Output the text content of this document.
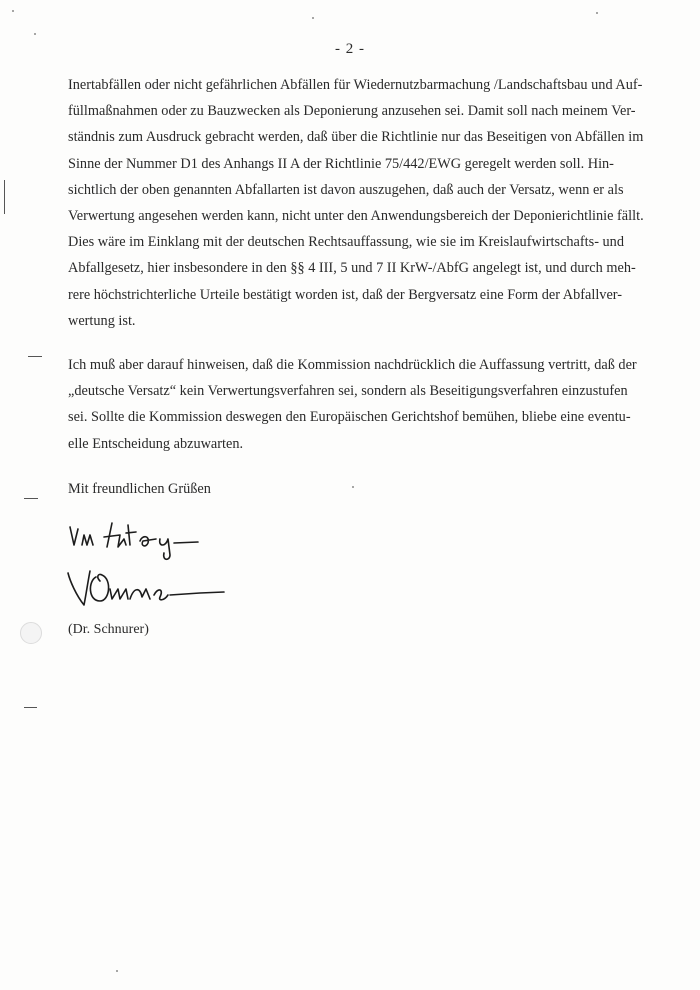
- 2 -
Inertabfällen oder nicht gefährlichen Abfällen für Wiedernutzbarmachung /Landschaftsbau und Auf-
füllmaßnahmen oder zu Bauzwecken als Deponierung anzusehen sei. Damit soll nach meinem Ver-
ständnis zum Ausdruck gebracht werden, daß über die Richtlinie nur das Beseitigen von Abfällen im
Sinne der Nummer D1 des Anhangs II A der Richtlinie 75/442/EWG geregelt werden soll. Hin-
sichtlich der oben genannten Abfallarten ist davon auszugehen, daß auch der Versatz, wenn er als
Verwertung angesehen werden kann, nicht unter den Anwendungsbereich der Deponierichtlinie fällt.
Dies wäre im Einklang mit der deutschen Rechtsauffassung, wie sie im Kreislaufwirtschafts- und
Abfallgesetz, hier insbesondere in den §§ 4 III, 5 und 7 II KrW-/AbfG angelegt ist, und durch meh-
rere höchstrichterliche Urteile bestätigt worden ist, daß der Bergversatz eine Form der Abfallver-
wertung ist.
Ich muß aber darauf hinweisen, daß die Kommission nachdrücklich die Auffassung vertritt, daß der
„deutsche Versatz“ kein Verwertungsverfahren sei, sondern als Beseitigungsverfahren einzustufen
sei. Sollte die Kommission deswegen den Europäischen Gerichtshof bemühen, bliebe eine eventu-
elle Entscheidung abzuwarten.
Mit freundlichen Grüßen
(Dr. Schnurer)
